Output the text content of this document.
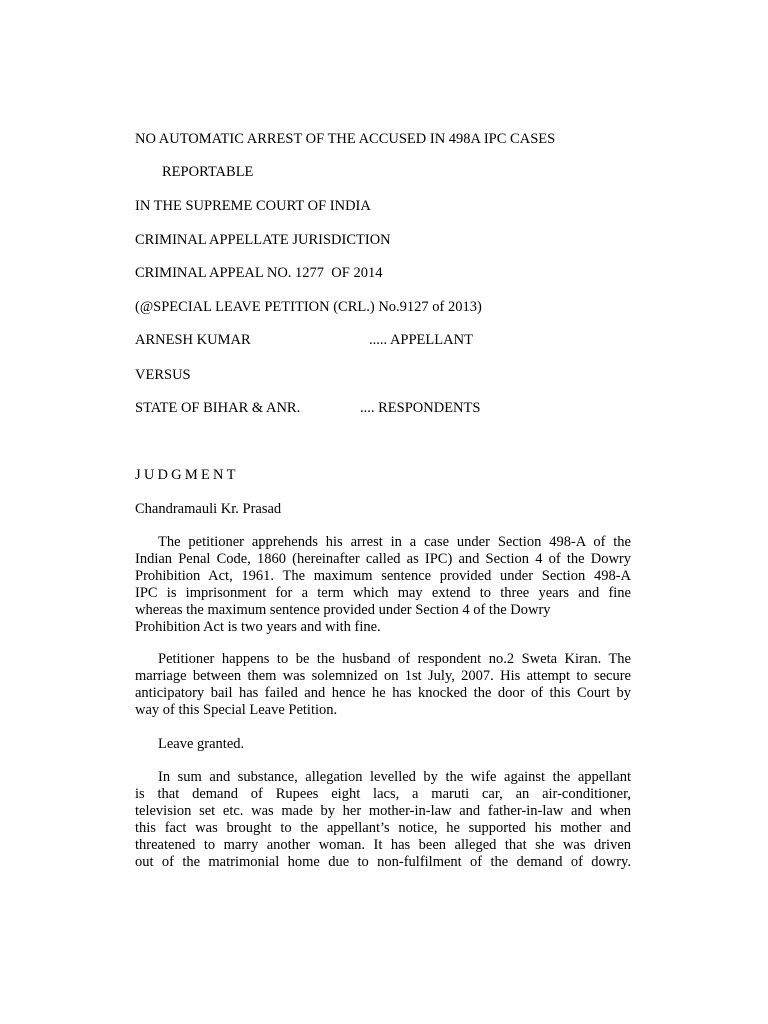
NO AUTOMATIC ARREST OF THE ACCUSED IN 498A IPC CASES
REPORTABLE
IN THE SUPREME COURT OF INDIA
CRIMINAL APPELLATE JURISDICTION
CRIMINAL APPEAL NO. 1277  OF 2014
(@SPECIAL LEAVE PETITION (CRL.) No.9127 of 2013)
ARNESH KUMAR	..... APPELLANT
VERSUS
STATE OF BIHAR & ANR.	.... RESPONDENTS
JUDGMENT
Chandramauli Kr. Prasad
The petitioner apprehends his arrest in a case under Section 498-A of the
Indian Penal Code, 1860 (hereinafter called as IPC) and Section 4 of the Dowry
Prohibition Act, 1961. The maximum sentence provided under Section 498-A
IPC is imprisonment for a term which may extend to three years and fine
whereas the maximum sentence provided under Section 4 of the Dowry
Prohibition Act is two years and with fine.
Petitioner happens to be the husband of respondent no.2 Sweta Kiran. The
marriage between them was solemnized on 1st July, 2007. His attempt to secure
anticipatory bail has failed and hence he has knocked the door of this Court by
way of this Special Leave Petition.
Leave granted.
In sum and substance, allegation levelled by the wife against the appellant
is that demand of Rupees eight lacs, a maruti car, an air-conditioner,
television set etc. was made by her mother-in-law and father-in-law and when
this fact was brought to the appellant’s notice, he supported his mother and
threatened to marry another woman. It has been alleged that she was driven
out of the matrimonial home due to non-fulfilment of the demand of dowry.
